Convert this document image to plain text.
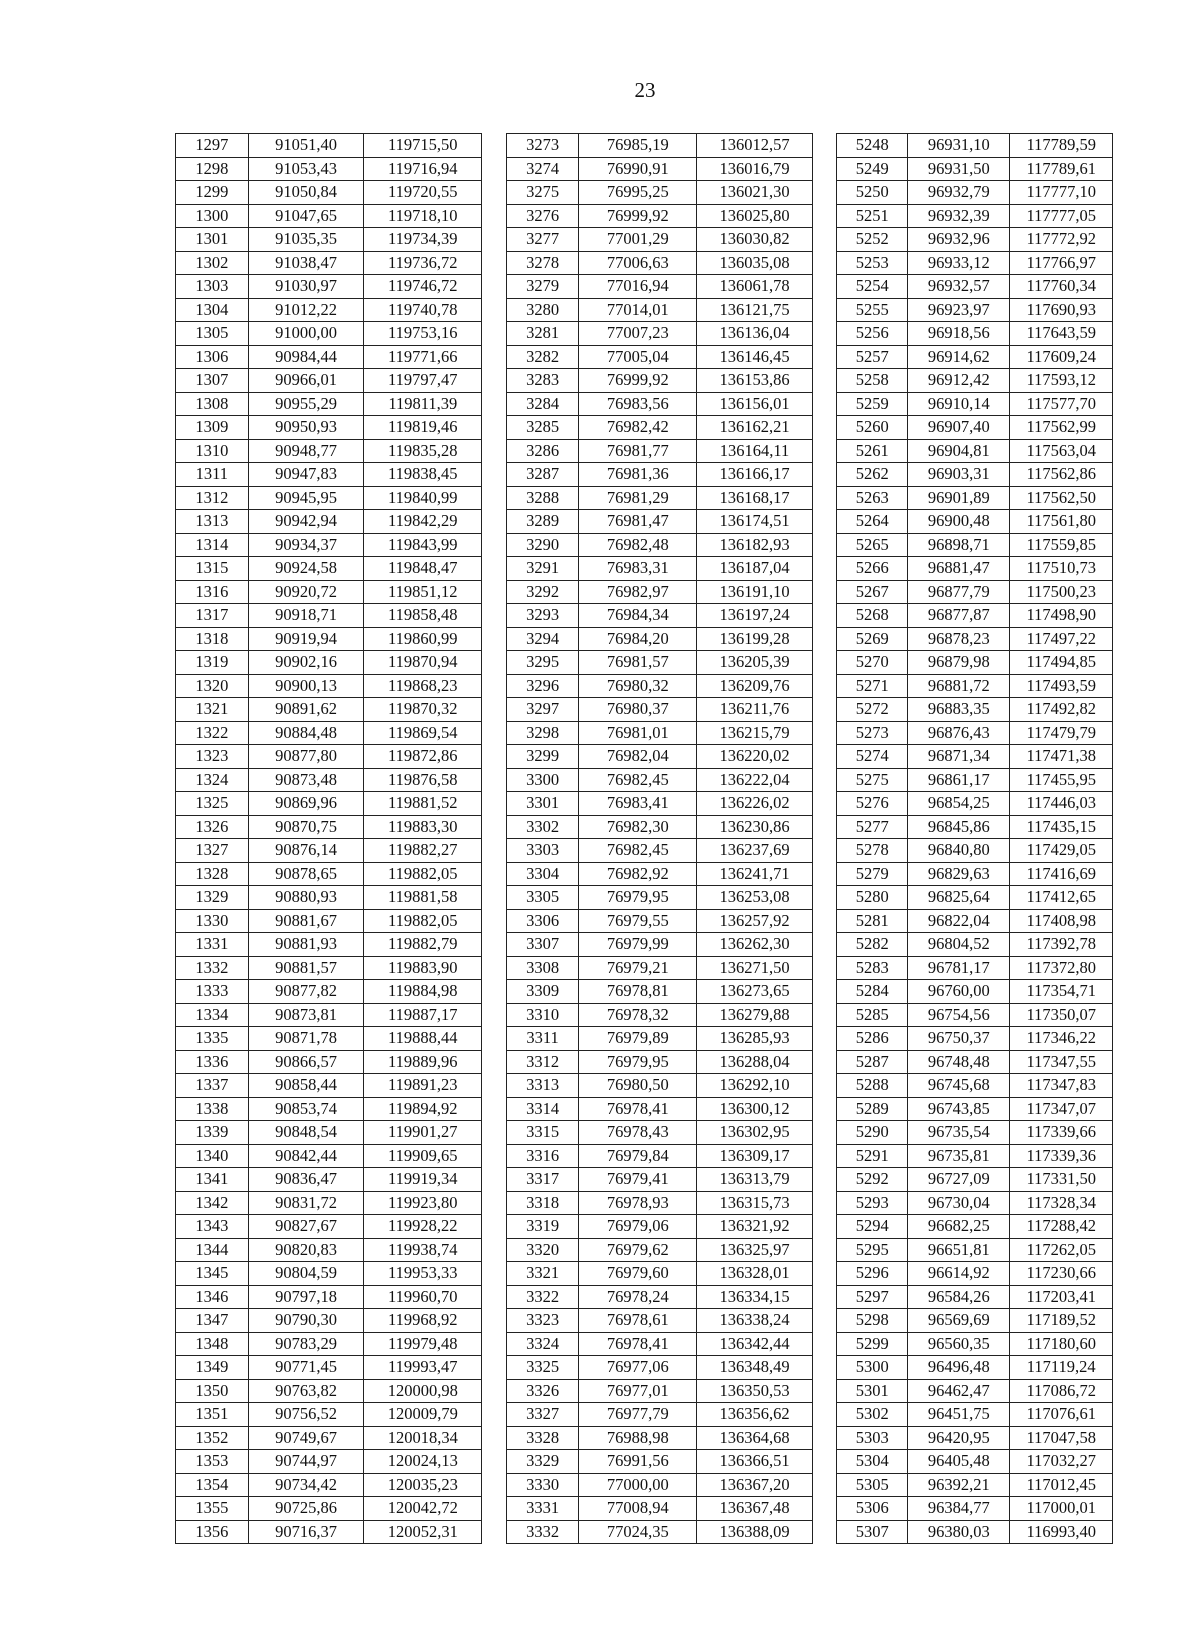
23
1297	91051,40	119715,50		3273	76985,19	136012,57		5248	96931,10	117789,59
1298	91053,43	119716,94		3274	76990,91	136016,79		5249	96931,50	117789,61
1299	91050,84	119720,55		3275	76995,25	136021,30		5250	96932,79	117777,10
1300	91047,65	119718,10		3276	76999,92	136025,80		5251	96932,39	117777,05
1301	91035,35	119734,39		3277	77001,29	136030,82		5252	96932,96	117772,92
1302	91038,47	119736,72		3278	77006,63	136035,08		5253	96933,12	117766,97
1303	91030,97	119746,72		3279	77016,94	136061,78		5254	96932,57	117760,34
1304	91012,22	119740,78		3280	77014,01	136121,75		5255	96923,97	117690,93
1305	91000,00	119753,16		3281	77007,23	136136,04		5256	96918,56	117643,59
1306	90984,44	119771,66		3282	77005,04	136146,45		5257	96914,62	117609,24
1307	90966,01	119797,47		3283	76999,92	136153,86		5258	96912,42	117593,12
1308	90955,29	119811,39		3284	76983,56	136156,01		5259	96910,14	117577,70
1309	90950,93	119819,46		3285	76982,42	136162,21		5260	96907,40	117562,99
1310	90948,77	119835,28		3286	76981,77	136164,11		5261	96904,81	117563,04
1311	90947,83	119838,45		3287	76981,36	136166,17		5262	96903,31	117562,86
1312	90945,95	119840,99		3288	76981,29	136168,17		5263	96901,89	117562,50
1313	90942,94	119842,29		3289	76981,47	136174,51		5264	96900,48	117561,80
1314	90934,37	119843,99		3290	76982,48	136182,93		5265	96898,71	117559,85
1315	90924,58	119848,47		3291	76983,31	136187,04		5266	96881,47	117510,73
1316	90920,72	119851,12		3292	76982,97	136191,10		5267	96877,79	117500,23
1317	90918,71	119858,48		3293	76984,34	136197,24		5268	96877,87	117498,90
1318	90919,94	119860,99		3294	76984,20	136199,28		5269	96878,23	117497,22
1319	90902,16	119870,94		3295	76981,57	136205,39		5270	96879,98	117494,85
1320	90900,13	119868,23		3296	76980,32	136209,76		5271	96881,72	117493,59
1321	90891,62	119870,32		3297	76980,37	136211,76		5272	96883,35	117492,82
1322	90884,48	119869,54		3298	76981,01	136215,79		5273	96876,43	117479,79
1323	90877,80	119872,86		3299	76982,04	136220,02		5274	96871,34	117471,38
1324	90873,48	119876,58		3300	76982,45	136222,04		5275	96861,17	117455,95
1325	90869,96	119881,52		3301	76983,41	136226,02		5276	96854,25	117446,03
1326	90870,75	119883,30		3302	76982,30	136230,86		5277	96845,86	117435,15
1327	90876,14	119882,27		3303	76982,45	136237,69		5278	96840,80	117429,05
1328	90878,65	119882,05		3304	76982,92	136241,71		5279	96829,63	117416,69
1329	90880,93	119881,58		3305	76979,95	136253,08		5280	96825,64	117412,65
1330	90881,67	119882,05		3306	76979,55	136257,92		5281	96822,04	117408,98
1331	90881,93	119882,79		3307	76979,99	136262,30		5282	96804,52	117392,78
1332	90881,57	119883,90		3308	76979,21	136271,50		5283	96781,17	117372,80
1333	90877,82	119884,98		3309	76978,81	136273,65		5284	96760,00	117354,71
1334	90873,81	119887,17		3310	76978,32	136279,88		5285	96754,56	117350,07
1335	90871,78	119888,44		3311	76979,89	136285,93		5286	96750,37	117346,22
1336	90866,57	119889,96		3312	76979,95	136288,04		5287	96748,48	117347,55
1337	90858,44	119891,23		3313	76980,50	136292,10		5288	96745,68	117347,83
1338	90853,74	119894,92		3314	76978,41	136300,12		5289	96743,85	117347,07
1339	90848,54	119901,27		3315	76978,43	136302,95		5290	96735,54	117339,66
1340	90842,44	119909,65		3316	76979,84	136309,17		5291	96735,81	117339,36
1341	90836,47	119919,34		3317	76979,41	136313,79		5292	96727,09	117331,50
1342	90831,72	119923,80		3318	76978,93	136315,73		5293	96730,04	117328,34
1343	90827,67	119928,22		3319	76979,06	136321,92		5294	96682,25	117288,42
1344	90820,83	119938,74		3320	76979,62	136325,97		5295	96651,81	117262,05
1345	90804,59	119953,33		3321	76979,60	136328,01		5296	96614,92	117230,66
1346	90797,18	119960,70		3322	76978,24	136334,15		5297	96584,26	117203,41
1347	90790,30	119968,92		3323	76978,61	136338,24		5298	96569,69	117189,52
1348	90783,29	119979,48		3324	76978,41	136342,44		5299	96560,35	117180,60
1349	90771,45	119993,47		3325	76977,06	136348,49		5300	96496,48	117119,24
1350	90763,82	120000,98		3326	76977,01	136350,53		5301	96462,47	117086,72
1351	90756,52	120009,79		3327	76977,79	136356,62		5302	96451,75	117076,61
1352	90749,67	120018,34		3328	76988,98	136364,68		5303	96420,95	117047,58
1353	90744,97	120024,13		3329	76991,56	136366,51		5304	96405,48	117032,27
1354	90734,42	120035,23		3330	77000,00	136367,20		5305	96392,21	117012,45
1355	90725,86	120042,72		3331	77008,94	136367,48		5306	96384,77	117000,01
1356	90716,37	120052,31		3332	77024,35	136388,09		5307	96380,03	116993,40
